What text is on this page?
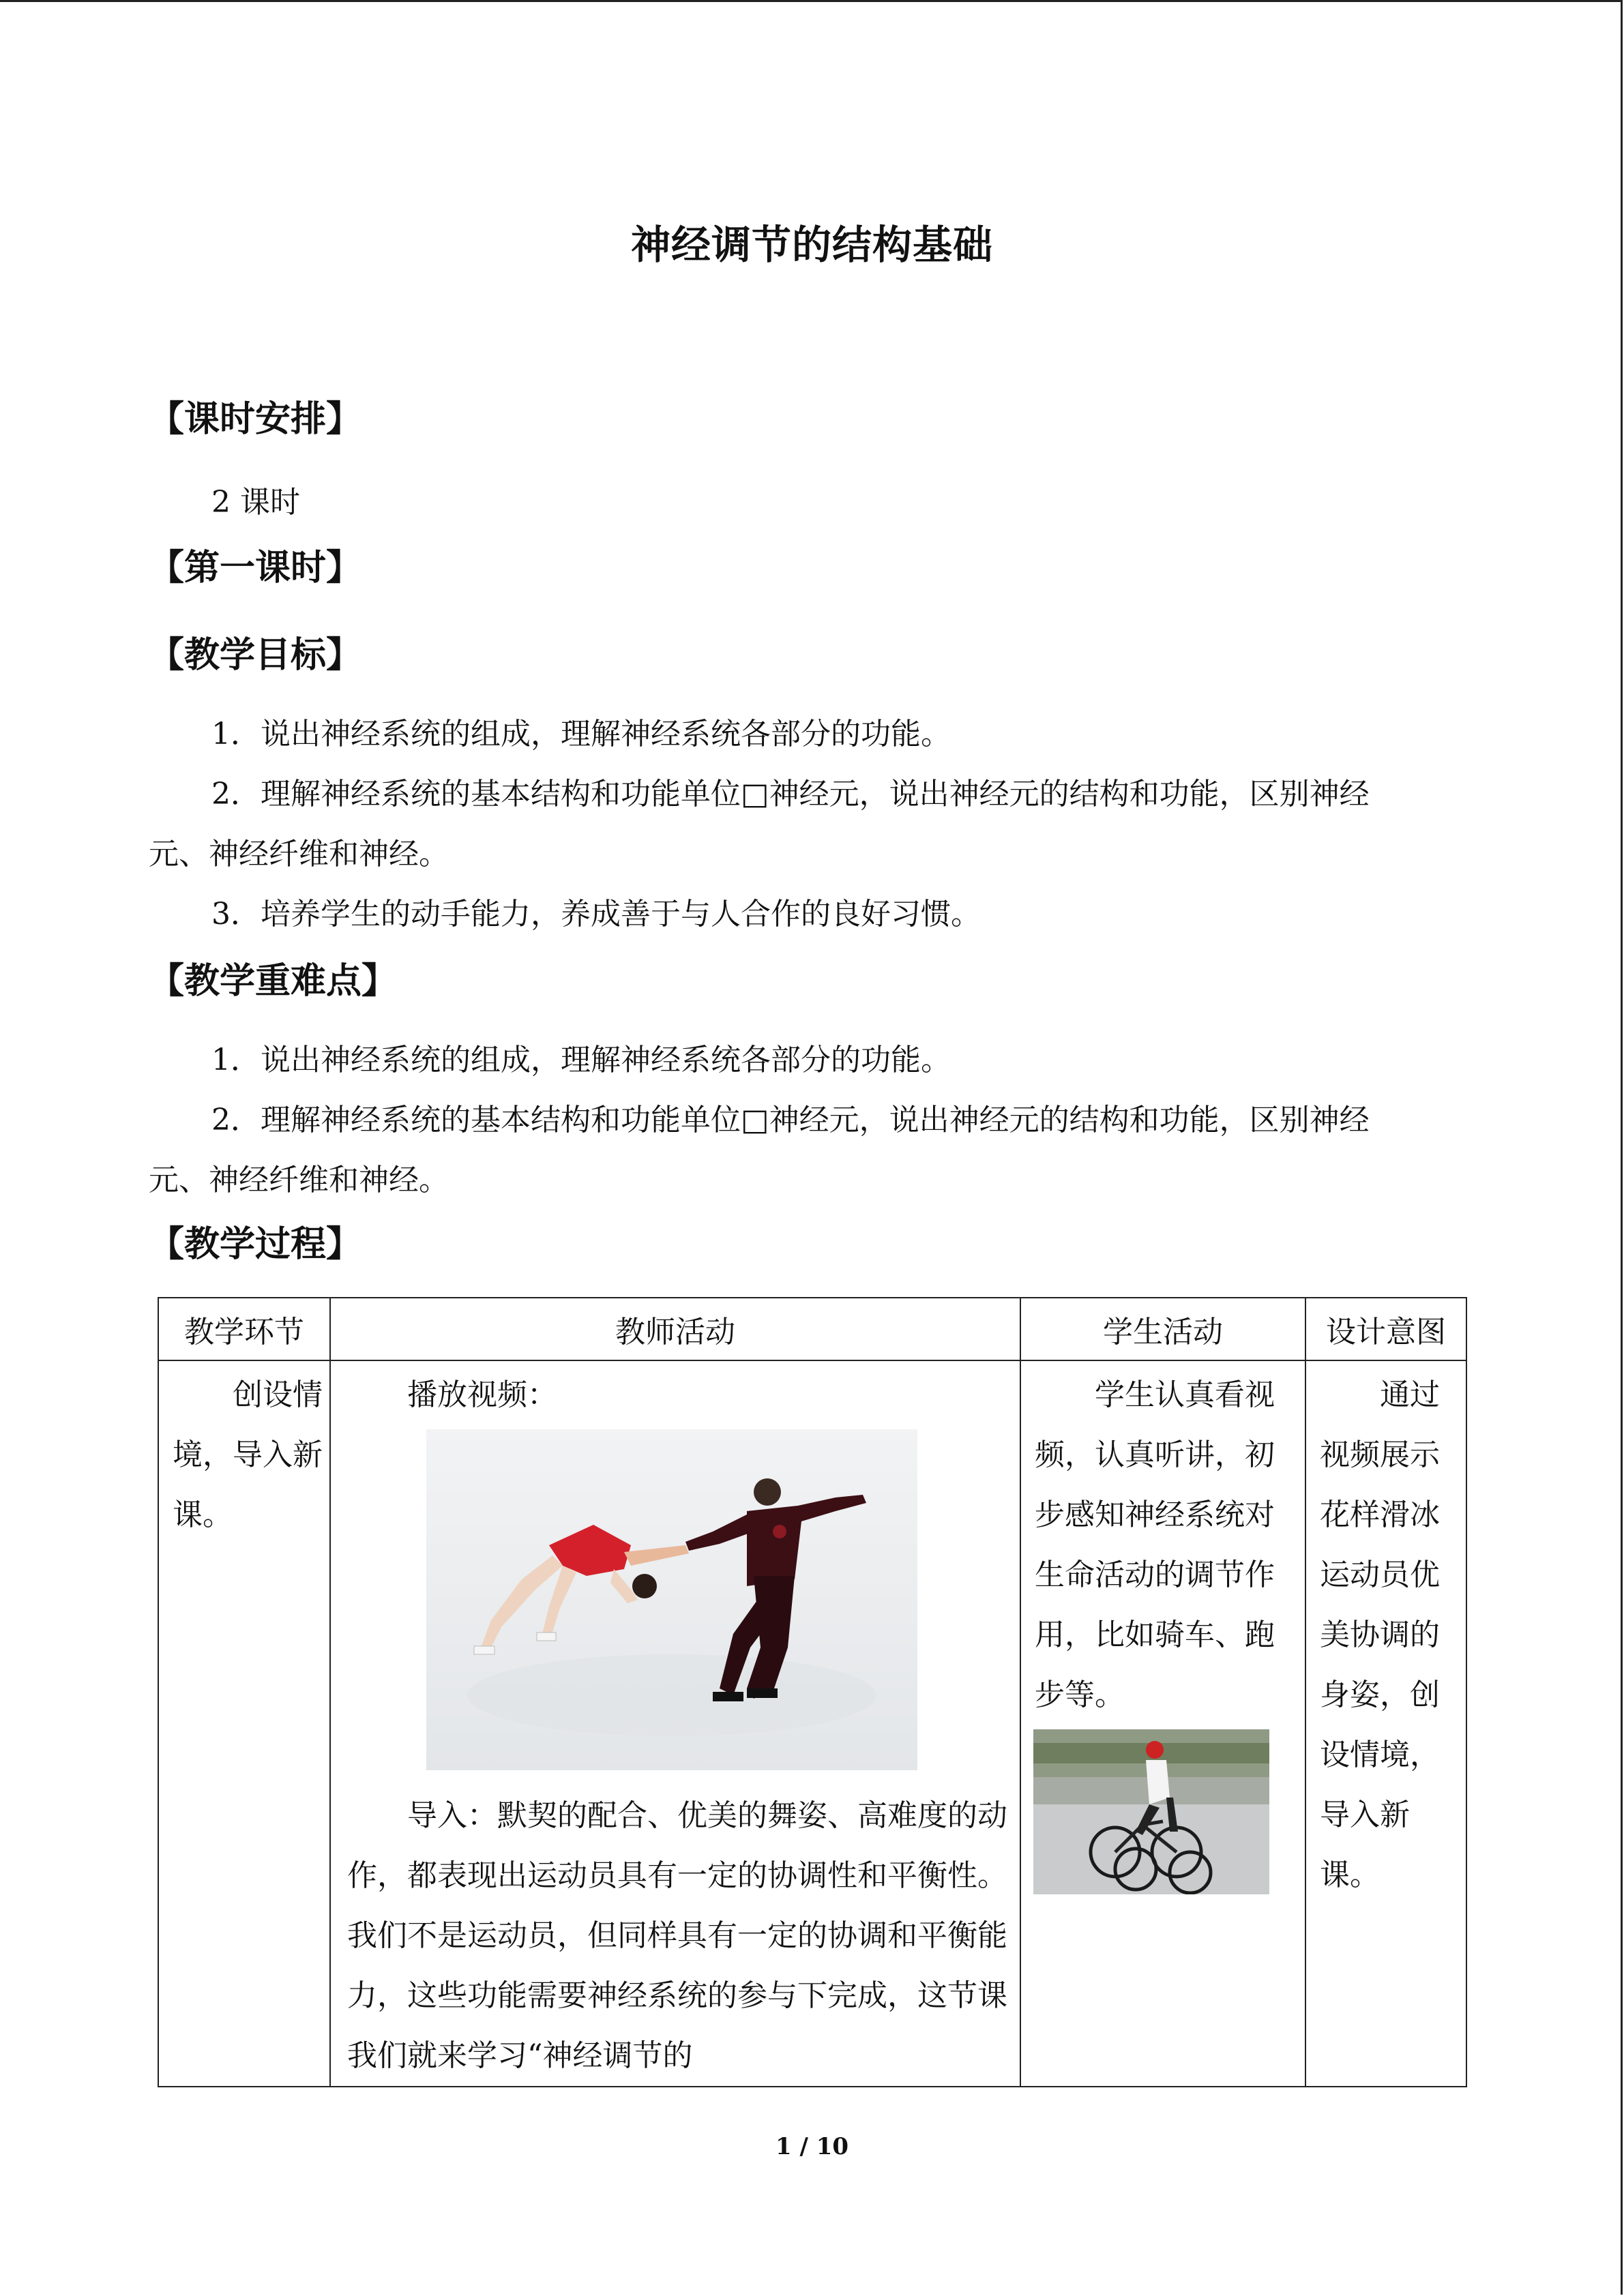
神经调节的结构基础
【课时安排】
2 课时
【第一课时】
【教学目标】
1．说出神经系统的组成，理解神经系统各部分的功能。
2．理解神经系统的基本结构和功能单位□神经元，说出神经元的结构和功能，区别神经
元、神经纤维和神经。
3．培养学生的动手能力，养成善于与人合作的良好习惯。
【教学重难点】
1．说出神经系统的组成，理解神经系统各部分的功能。
2．理解神经系统的基本结构和功能单位□神经元，说出神经元的结构和功能，区别神经
元、神经纤维和神经。
【教学过程】
教学环节	教师活动	学生活动	设计意图

创设情境，导入新课。	播放视频：
导入：默契的配合、优美的舞姿、高难度的动作，都表现出运动员具有一定的协调性和平衡性。我们不是运动员，但同样具有一定的协调和平衡能力，这些功能需要神经系统的参与下完成，这节课我们就来学习“神经调节的	学生认真看视频，认真听讲，初步感知神经系统对生命活动的调节作用，比如骑车、跑步等。	通过视频展示花样滑冰运动员优美协调的身姿，创设情境，导入新课。
1 / 10
